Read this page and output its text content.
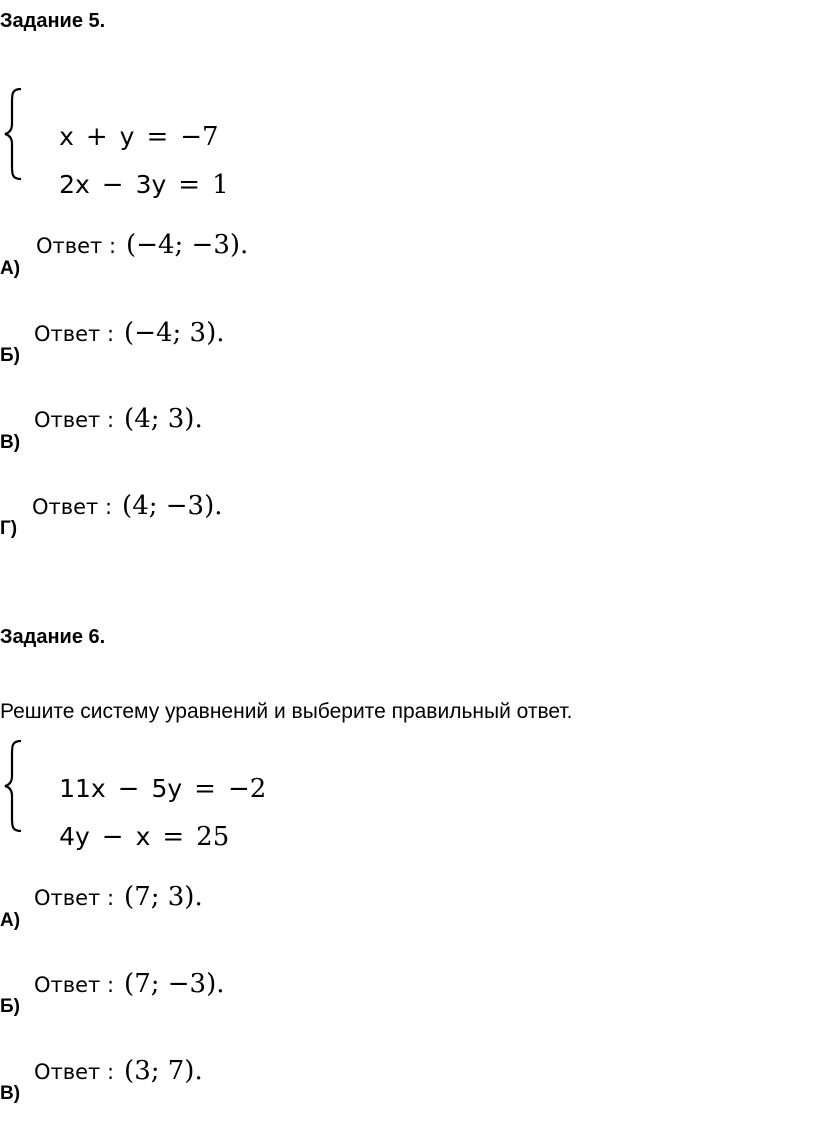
Задание 5.

x + y = −7

2x − 3y = 1

А)
Ответ : (−4; −3).
Б)
Ответ : (−4; 3).
В)
Ответ : (4; 3).
Г)
Ответ : (4; −3).
Задание 6.
Решите систему уравнений и выберите правильный ответ.

11x − 5y = −2

4y − x = 25

А)
Ответ : (7; 3).
Б)
Ответ : (7; −3).
В)
Ответ : (3; 7).
